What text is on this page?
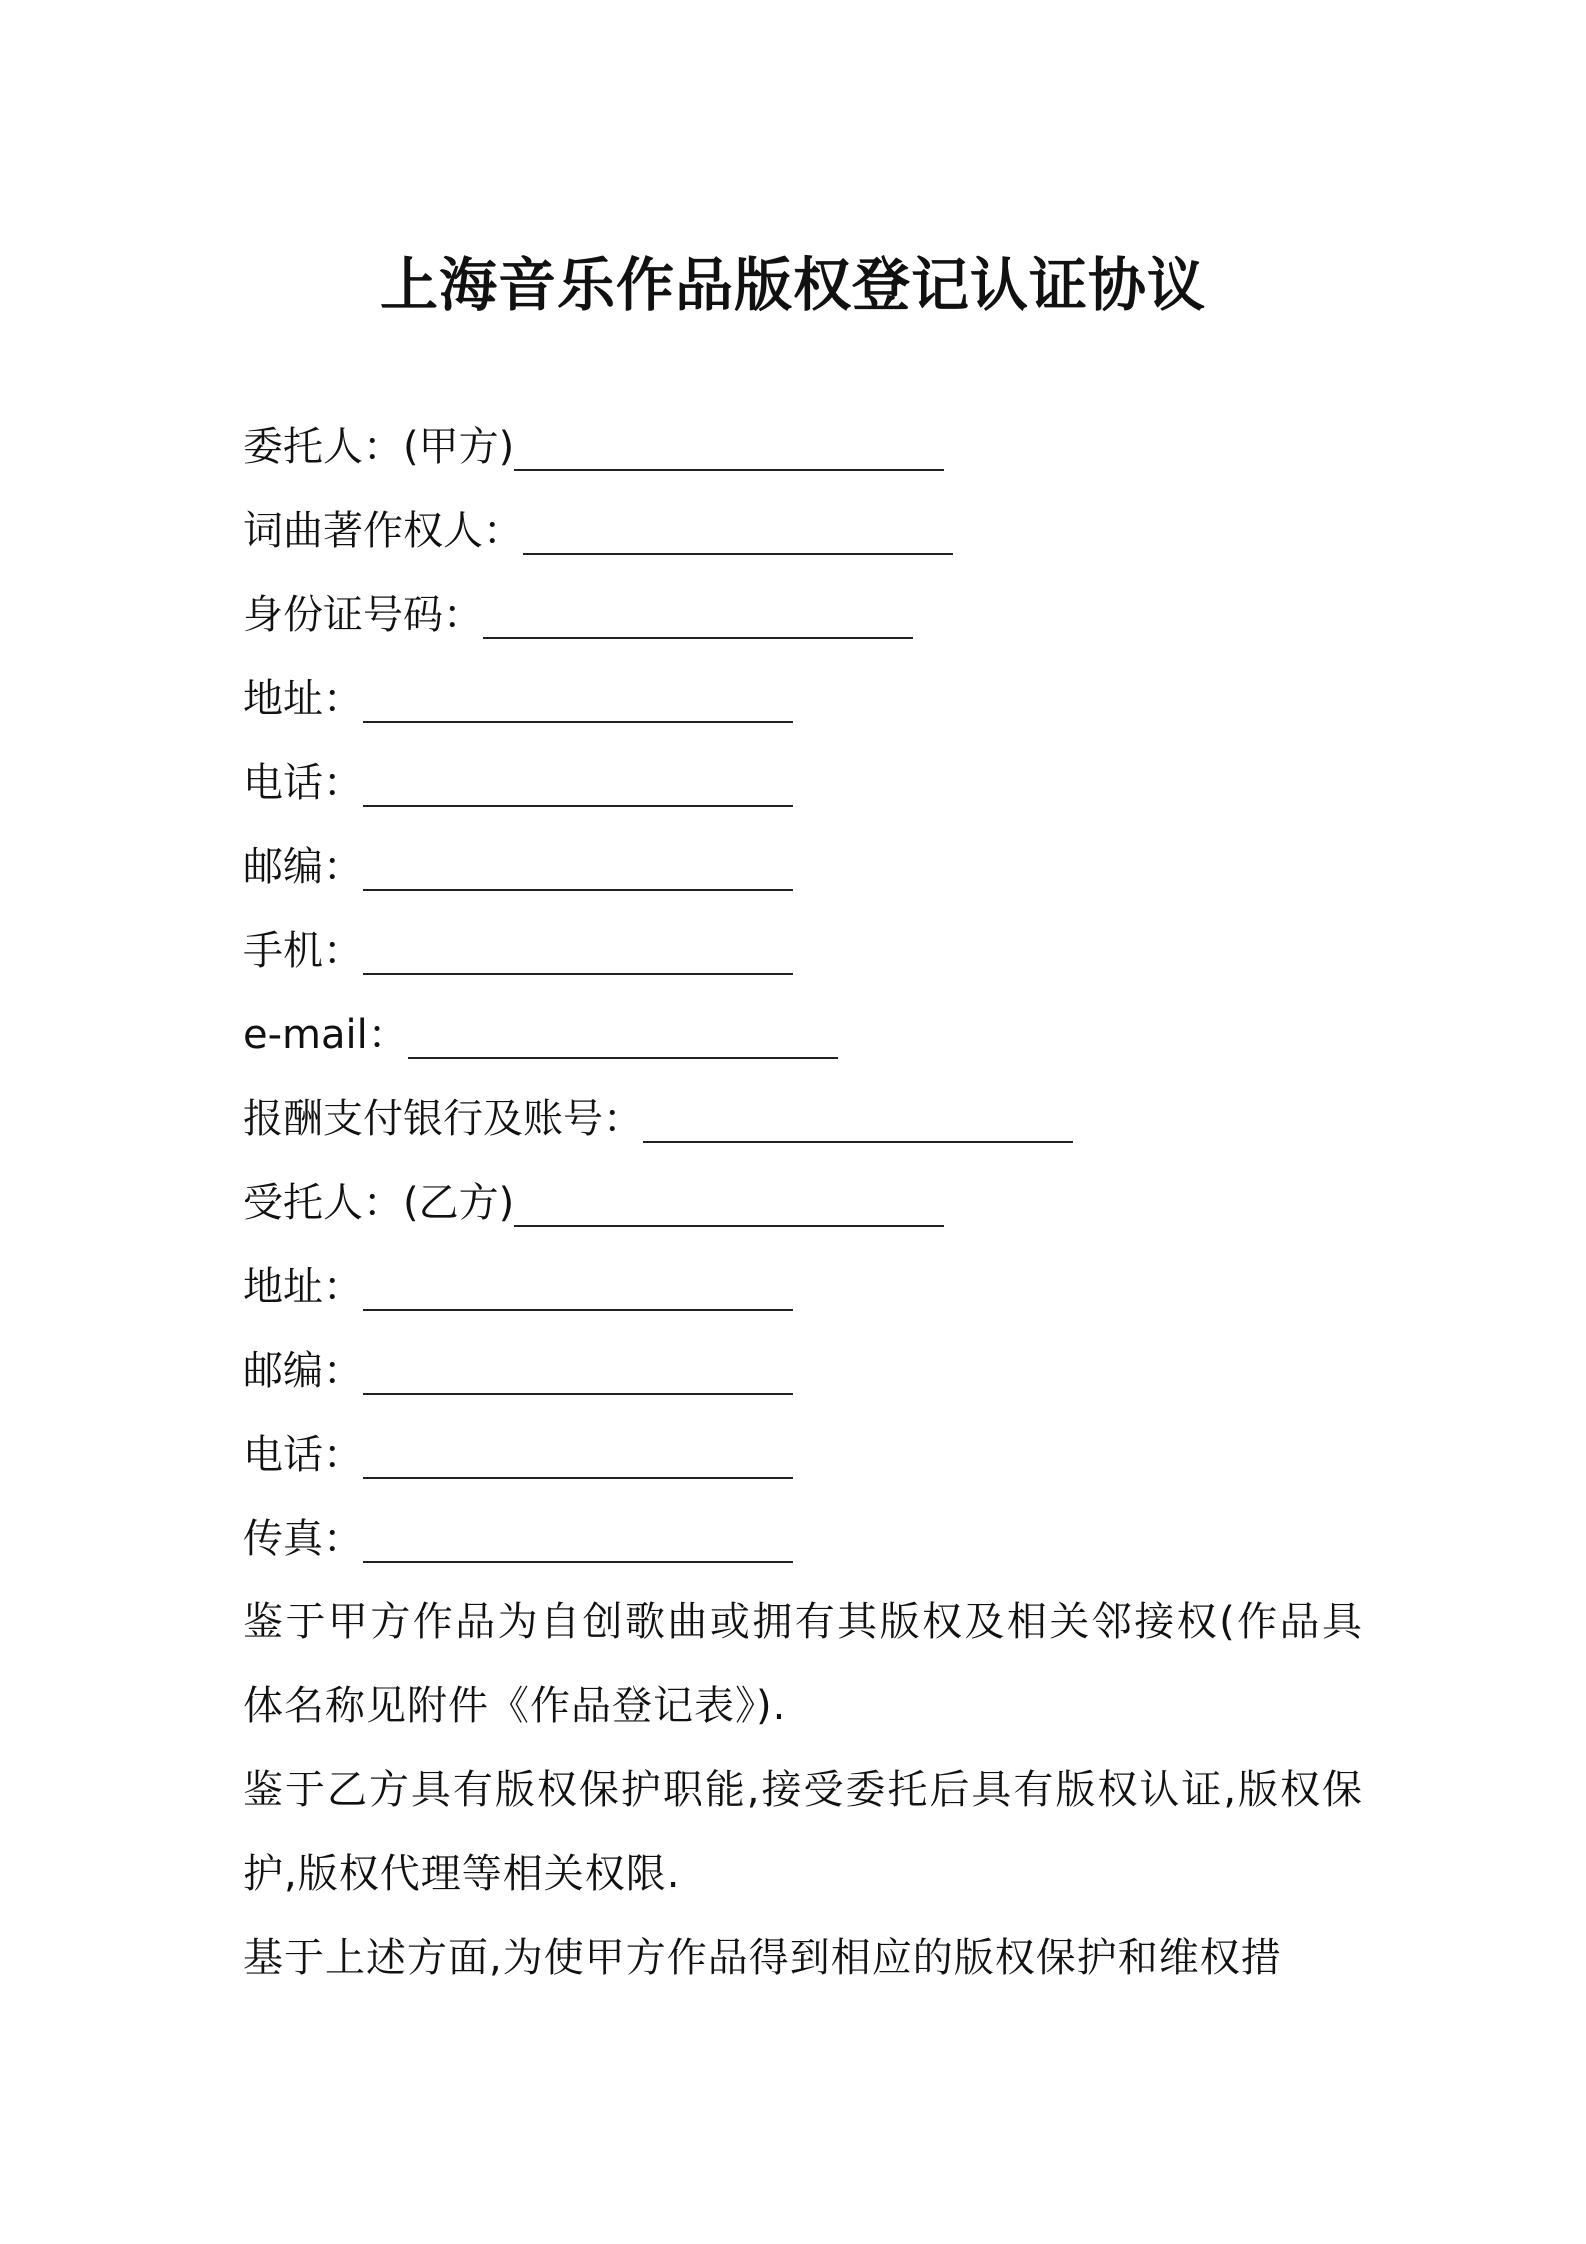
上海音乐作品版权登记认证协议
委托人：(甲方)
词曲著作权人：
身份证号码：
地址：
电话：
邮编：
手机：
e-mail：
报酬支付银行及账号：
受托人：(乙方)
地址：
邮编：
电话：
传真：

鉴于甲方作品为自创歌曲或拥有其版权及相关邻接权(作品具体名称见附件《作品登记表》).

鉴于乙方具有版权保护职能,接受委托后具有版权认证,版权保护,版权代理等相关权限.

基于上述方面,为使甲方作品得到相应的版权保护和维权措
